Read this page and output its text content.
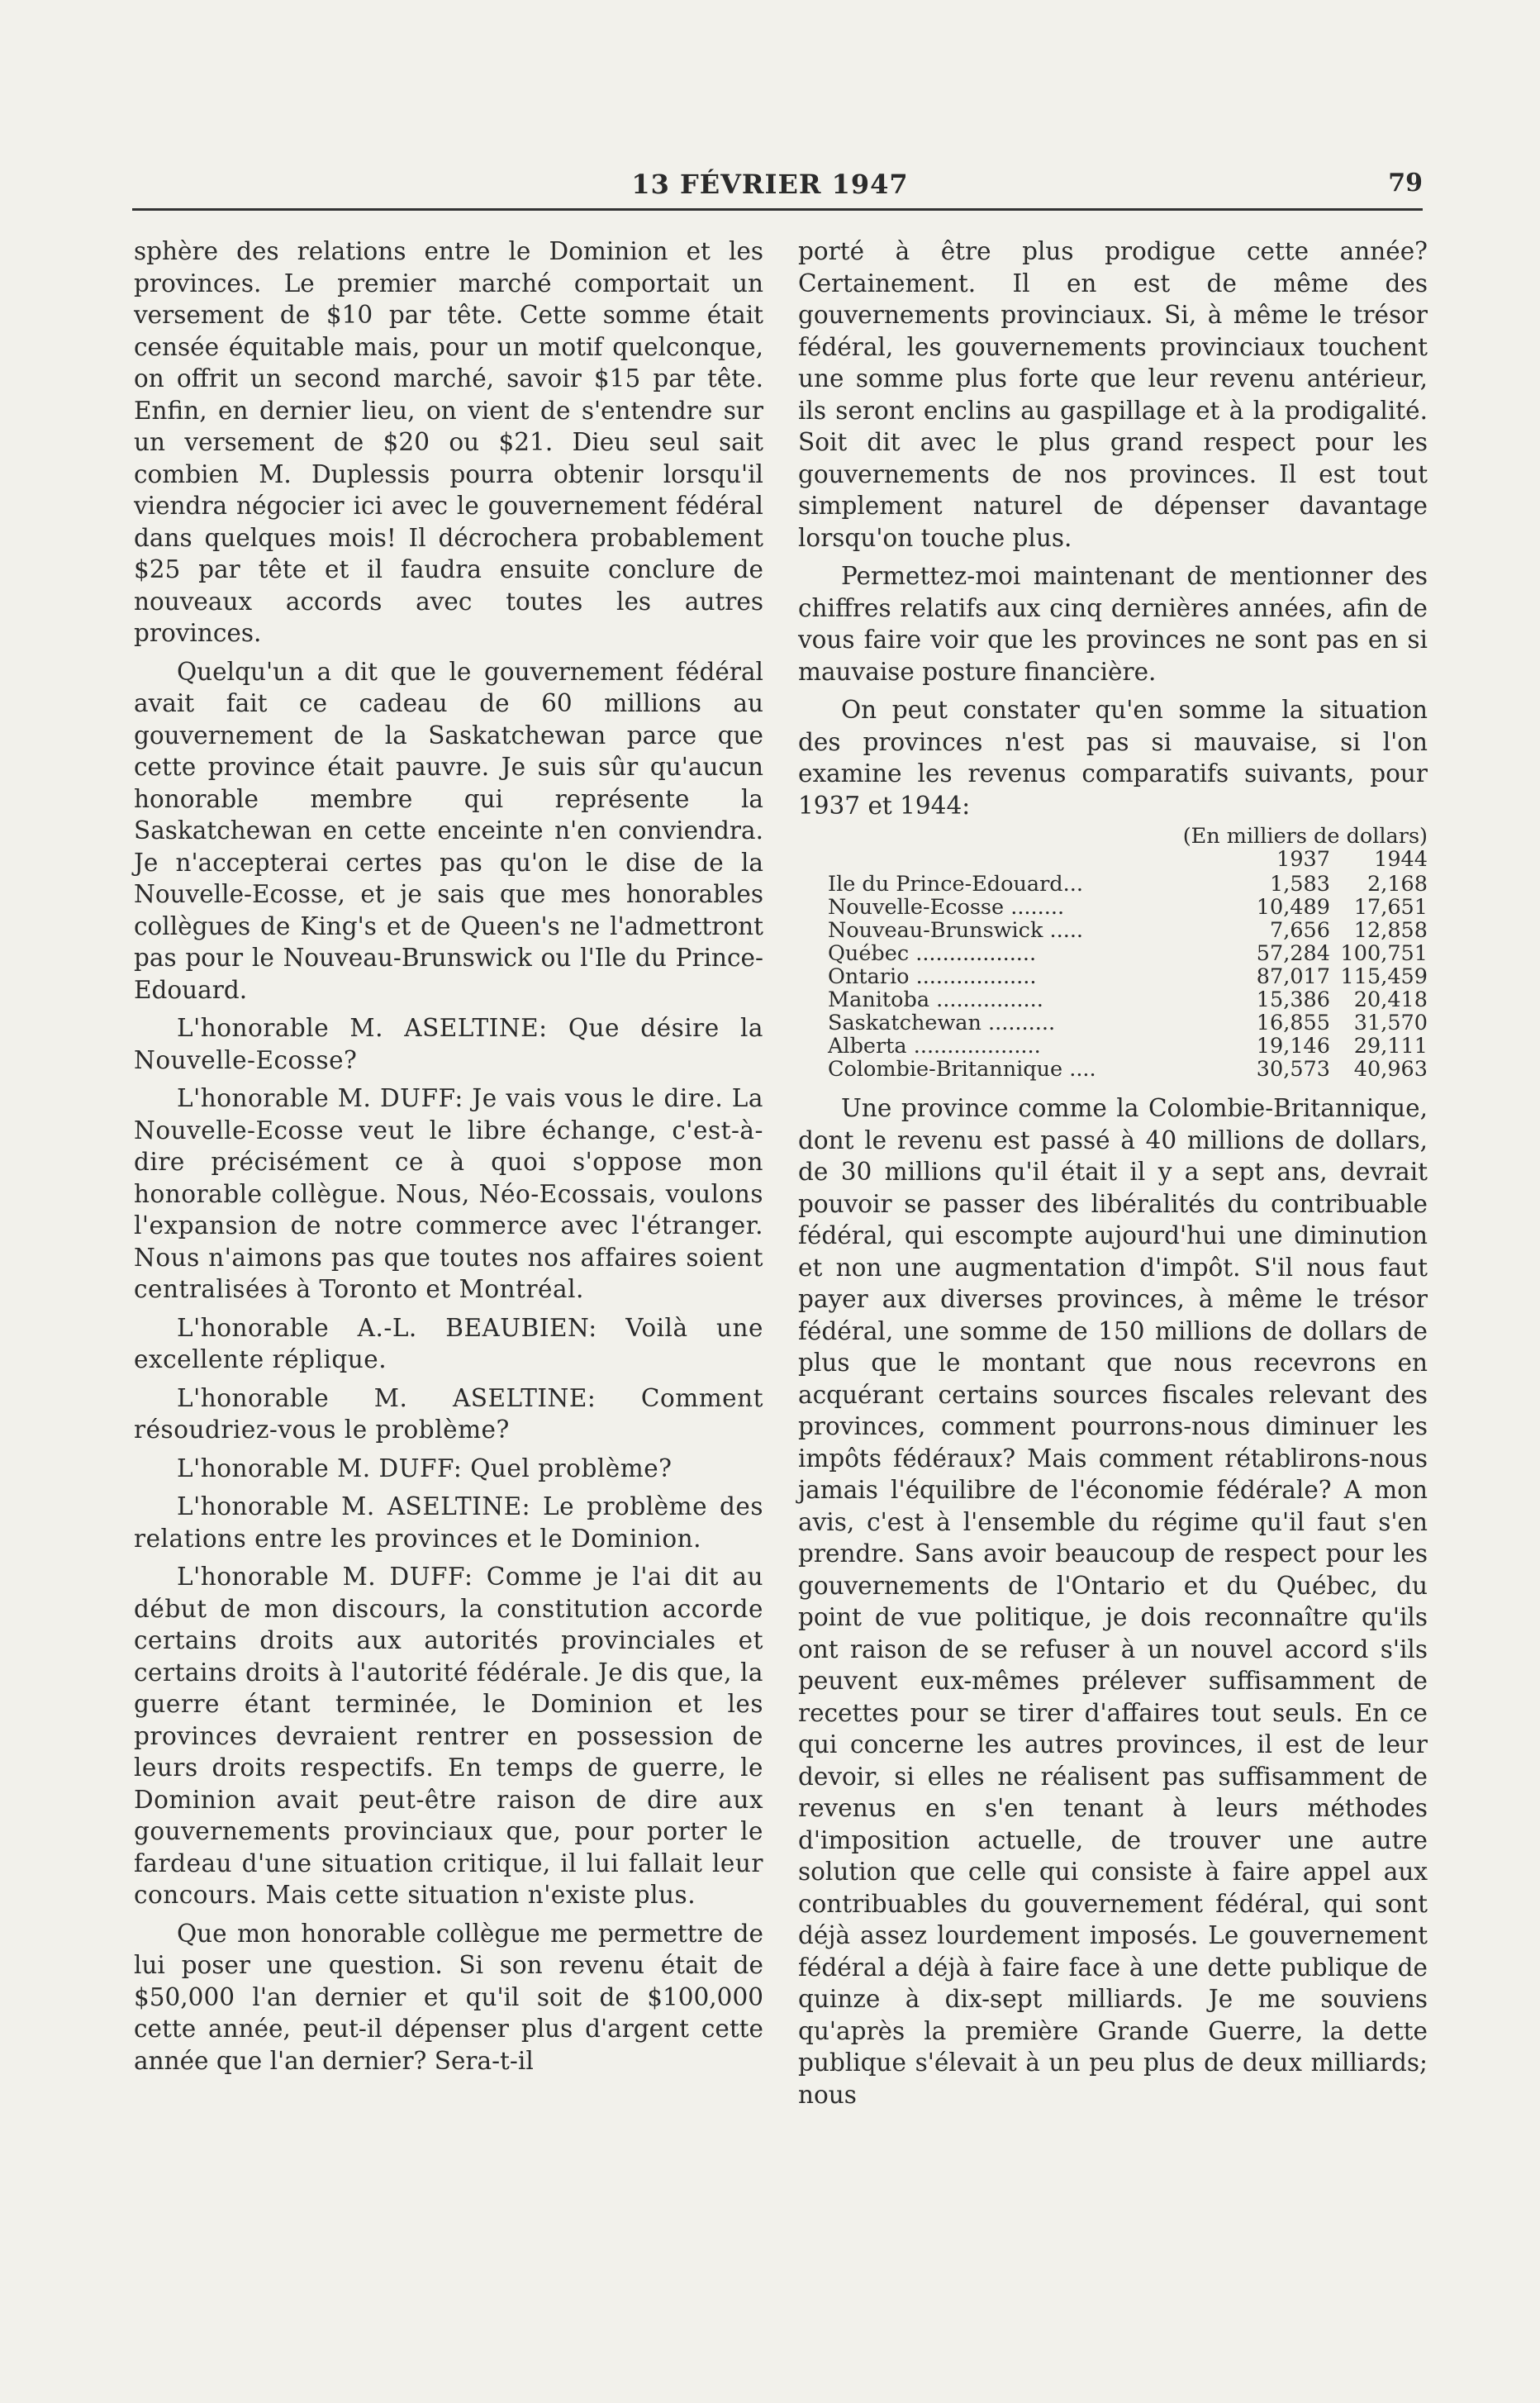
13 FÉVRIER 1947	79

sphère des relations entre le Dominion et les provinces. Le premier marché comportait un versement de $10 par tête. Cette somme était censée équitable mais, pour un motif quelconque, on offrit un second marché, savoir $15 par tête. Enfin, en dernier lieu, on vient de s'entendre sur un versement de $20 ou $21. Dieu seul sait combien M. Duplessis pourra obtenir lorsqu'il viendra négocier ici avec le gouvernement fédéral dans quelques mois! Il décrochera probablement $25 par tête et il faudra ensuite conclure de nouveaux accords avec toutes les autres provinces.

Quelqu'un a dit que le gouvernement fédéral avait fait ce cadeau de 60 millions au gouvernement de la Saskatchewan parce que cette province était pauvre. Je suis sûr qu'aucun honorable membre qui représente la Saskatchewan en cette enceinte n'en conviendra. Je n'accepterai certes pas qu'on le dise de la Nouvelle-Ecosse, et je sais que mes honorables collègues de King's et de Queen's ne l'admettront pas pour le Nouveau-Brunswick ou l'Ile du Prince-Edouard.

L'honorable M. ASELTINE: Que désire la Nouvelle-Ecosse?

L'honorable M. DUFF: Je vais vous le dire. La Nouvelle-Ecosse veut le libre échange, c'est-à-dire précisément ce à quoi s'oppose mon honorable collègue. Nous, Néo-Ecossais, voulons l'expansion de notre commerce avec l'étranger. Nous n'aimons pas que toutes nos affaires soient centralisées à Toronto et Montréal.

L'honorable A.-L. BEAUBIEN: Voilà une excellente réplique.

L'honorable M. ASELTINE: Comment résoudriez-vous le problème?

L'honorable M. DUFF: Quel problème?

L'honorable M. ASELTINE: Le problème des relations entre les provinces et le Dominion.

L'honorable M. DUFF: Comme je l'ai dit au début de mon discours, la constitution accorde certains droits aux autorités provinciales et certains droits à l'autorité fédérale. Je dis que, la guerre étant terminée, le Dominion et les provinces devraient rentrer en possession de leurs droits respectifs. En temps de guerre, le Dominion avait peut-être raison de dire aux gouvernements provinciaux que, pour porter le fardeau d'une situation critique, il lui fallait leur concours. Mais cette situation n'existe plus.

Que mon honorable collègue me permettre de lui poser une question. Si son revenu était de $50,000 l'an dernier et qu'il soit de $100,000 cette année, peut-il dépenser plus d'argent cette année que l'an dernier? Sera-t-il

porté à être plus prodigue cette année? Certainement. Il en est de même des gouvernements provinciaux. Si, à même le trésor fédéral, les gouvernements provinciaux touchent une somme plus forte que leur revenu antérieur, ils seront enclins au gaspillage et à la prodigalité. Soit dit avec le plus grand respect pour les gouvernements de nos provinces. Il est tout simplement naturel de dépenser davantage lorsqu'on touche plus.

Permettez-moi maintenant de mentionner des chiffres relatifs aux cinq dernières années, afin de vous faire voir que les provinces ne sont pas en si mauvaise posture financière.

On peut constater qu'en somme la situation des provinces n'est pas si mauvaise, si l'on examine les revenus comparatifs suivants, pour 1937 et 1944:

(En milliers de dollars)		
	1937	1944
Ile du Prince-Edouard...	1,583	2,168
Nouvelle-Ecosse ........	10,489	17,651
Nouveau-Brunswick .....	7,656	12,858
Québec ..................	57,284	100,751
Ontario ..................	87,017	115,459
Manitoba ................	15,386	20,418
Saskatchewan ..........	16,855	31,570
Alberta ...................	19,146	29,111
Colombie-Britannique ....	30,573	40,963

Une province comme la Colombie-Britannique, dont le revenu est passé à 40 millions de dollars, de 30 millions qu'il était il y a sept ans, devrait pouvoir se passer des libéralités du contribuable fédéral, qui escompte aujourd'hui une diminution et non une augmentation d'impôt. S'il nous faut payer aux diverses provinces, à même le trésor fédéral, une somme de 150 millions de dollars de plus que le montant que nous recevrons en acquérant certains sources fiscales relevant des provinces, comment pourrons-nous diminuer les impôts fédéraux? Mais comment rétablirons-nous jamais l'équilibre de l'économie fédérale? A mon avis, c'est à l'ensemble du régime qu'il faut s'en prendre. Sans avoir beaucoup de respect pour les gouvernements de l'Ontario et du Québec, du point de vue politique, je dois reconnaître qu'ils ont raison de se refuser à un nouvel accord s'ils peuvent eux-mêmes prélever suffisamment de recettes pour se tirer d'affaires tout seuls. En ce qui concerne les autres provinces, il est de leur devoir, si elles ne réalisent pas suffisamment de revenus en s'en tenant à leurs méthodes d'imposition actuelle, de trouver une autre solution que celle qui consiste à faire appel aux contribuables du gouvernement fédéral, qui sont déjà assez lourdement imposés. Le gouvernement fédéral a déjà à faire face à une dette publique de quinze à dix-sept milliards. Je me souviens qu'après la première Grande Guerre, la dette publique s'élevait à un peu plus de deux milliards; nous
